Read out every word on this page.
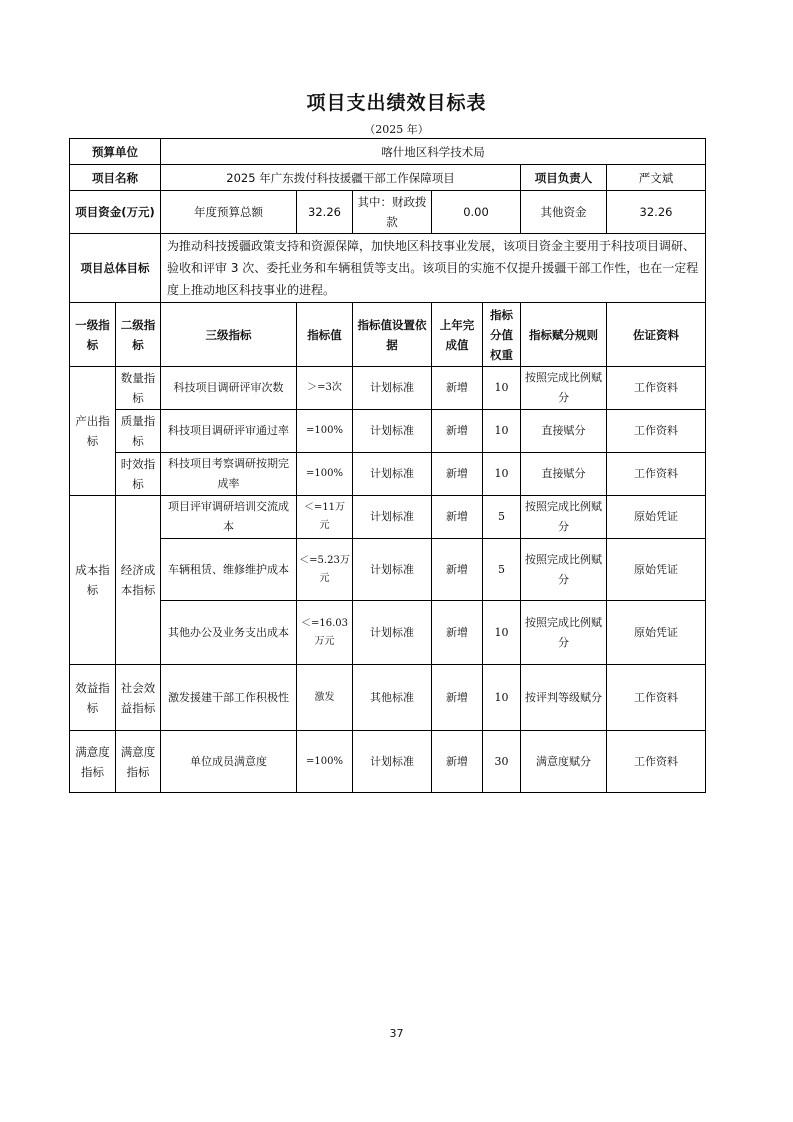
项目支出绩效目标表
（2025 年）
预算单位		喀什地区科学技术局						
项目名称		2025 年广东拨付科技援疆干部工作保障项目					项目负责人	严文斌
项目资金(万元)		年度预算总额	32.26	其中：财政拨款	0.00		其他资金	32.26
项目总体目标		为推动科技援疆政策支持和资源保障，加快地区科技事业发展，该项目资金主要用于科技项目调研、验收和评审 3 次、委托业务和车辆租赁等支出。该项目的实施不仅提升援疆干部工作性，也在一定程度上推动地区科技事业的进程。						
一级指标	二级指标	三级指标	指标值	指标值设置依据	上年完成值	指标分值权重	指标赋分规则	佐证资料
产出指标	数量指标	科技项目调研评审次数	＞=3次	计划标准	新增	10	按照完成比例赋分	工作资料
	质量指标	科技项目调研评审通过率	=100%	计划标准	新增	10	直接赋分	工作资料
	时效指标	科技项目考察调研按期完成率	=100%	计划标准	新增	10	直接赋分	工作资料
成本指标	经济成本指标	项目评审调研培训交流成本	＜=11万元	计划标准	新增	5	按照完成比例赋分	原始凭证
		车辆租赁、维修维护成本	＜=5.23万元	计划标准	新增	5	按照完成比例赋分	原始凭证
		其他办公及业务支出成本	＜=16.03 万元	计划标准	新增	10	按照完成比例赋分	原始凭证
效益指标	社会效益指标	激发援建干部工作积极性	激发	其他标准	新增	10	按评判等级赋分	工作资料
满意度指标	满意度指标	单位成员满意度	=100%	计划标准	新增	30	满意度赋分	工作资料
37
